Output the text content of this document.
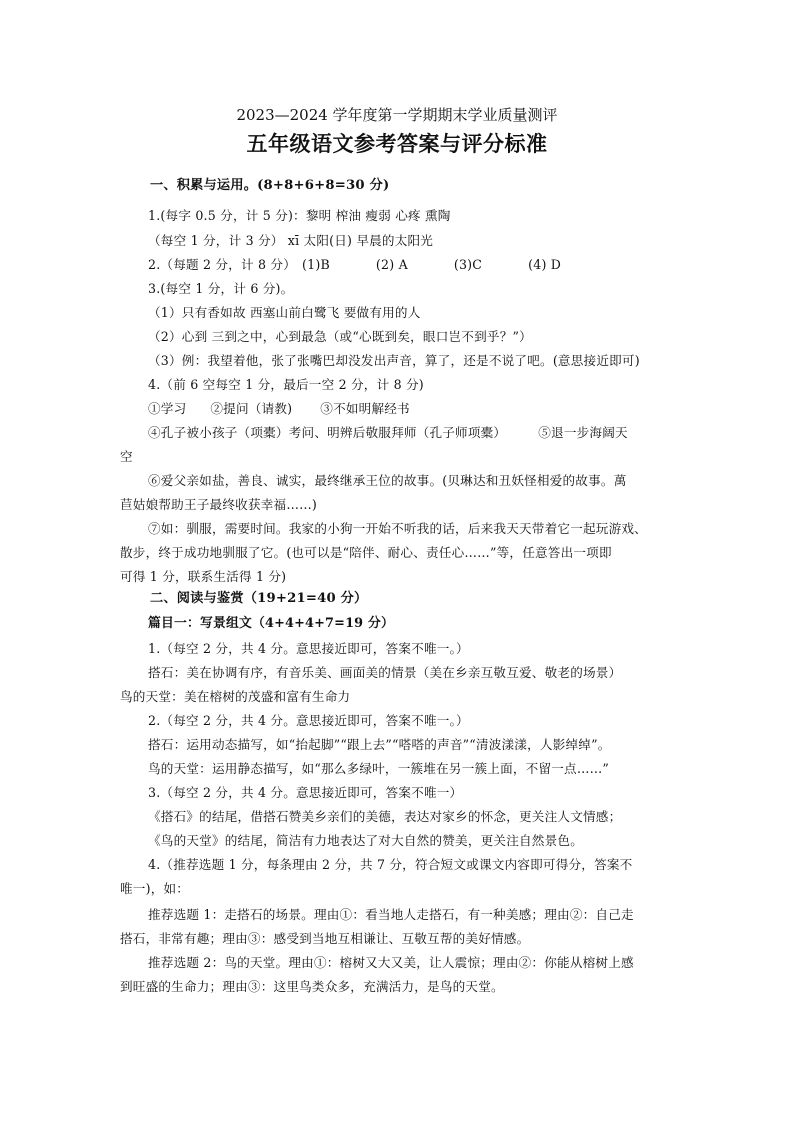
2023—2024 学年度第一学期期末学业质量测评
五年级语文参考答案与评分标准
一、积累与运用。(8+8+6+8=30 分)
1.(每字 0.5 分，计 5 分)：黎明 榨油 瘦弱 心疼 熏陶
（每空 1 分，计 3 分） xī 太阳(日) 早晨的太阳光
2.（每题 2 分，计 8 分） (1)B	(2) A	(3)C	(4) D
3.(每空 1 分，计 6 分)。
（1）只有香如故 西塞山前白鹭飞 要做有用的人
（2）心到 三到之中，心到最急（或“心既到矣，眼口岂不到乎？”）
（3）例：我望着他，张了张嘴巴却没发出声音，算了，还是不说了吧。(意思接近即可)
4.（前 6 空每空 1 分，最后一空 2 分，计 8 分)
①学习 ②提问（请教) ③不如明解经书
④孔子被小孩子（项橐）考问、明辨后敬服拜师（孔子师项橐）	⑤退一步海阔天
空
⑥爱父亲如盐，善良、诚实，最终继承王位的故事。(贝琳达和丑妖怪相爱的故事。萬
苣姑娘帮助王子最终收获幸福……)
⑦如：驯服，需要时间。我家的小狗一开始不听我的话，后来我天天带着它一起玩游戏、
散步，终于成功地驯服了它。(也可以是“陪伴、耐心、责任心……”等，任意答出一项即
可得 1 分，联系生活得 1 分)
二、阅读与鉴赏（19+21=40 分）
篇目一：写景组文（4+4+4+7=19 分）
1.（每空 2 分，共 4 分。意思接近即可，答案不唯一。）
搭石：美在协调有序，有音乐美、画面美的情景（美在乡亲互敬互爱、敬老的场景）
鸟的天堂：美在榕树的茂盛和富有生命力
2.（每空 2 分，共 4 分。意思接近即可，答案不唯一。）
搭石：运用动态描写，如“抬起脚”“跟上去”“嗒嗒的声音”“清波漾漾，人影绰绰”。
鸟的天堂：运用静态描写，如“那么多绿叶，一簇堆在另一簇上面，不留一点……”
3.（每空 2 分，共 4 分。意思接近即可，答案不唯一）
《搭石》的结尾，借搭石赞美乡亲们的美德，表达对家乡的怀念，更关注人文情感；
《鸟的天堂》的结尾，简洁有力地表达了对大自然的赞美，更关注自然景色。
4.（推荐选题 1 分，每条理由 2 分，共 7 分，符合短文或课文内容即可得分，答案不
唯一)，如：
推荐选题 1：走搭石的场景。理由①：看当地人走搭石，有一种美感；理由②：自己走
搭石，非常有趣；理由③：感受到当地互相谦让、互敬互帮的美好情感。
推荐选题 2：鸟的天堂。理由①：榕树又大又美，让人震惊；理由②：你能从榕树上感
到旺盛的生命力；理由③：这里鸟类众多，充满活力，是鸟的天堂。
